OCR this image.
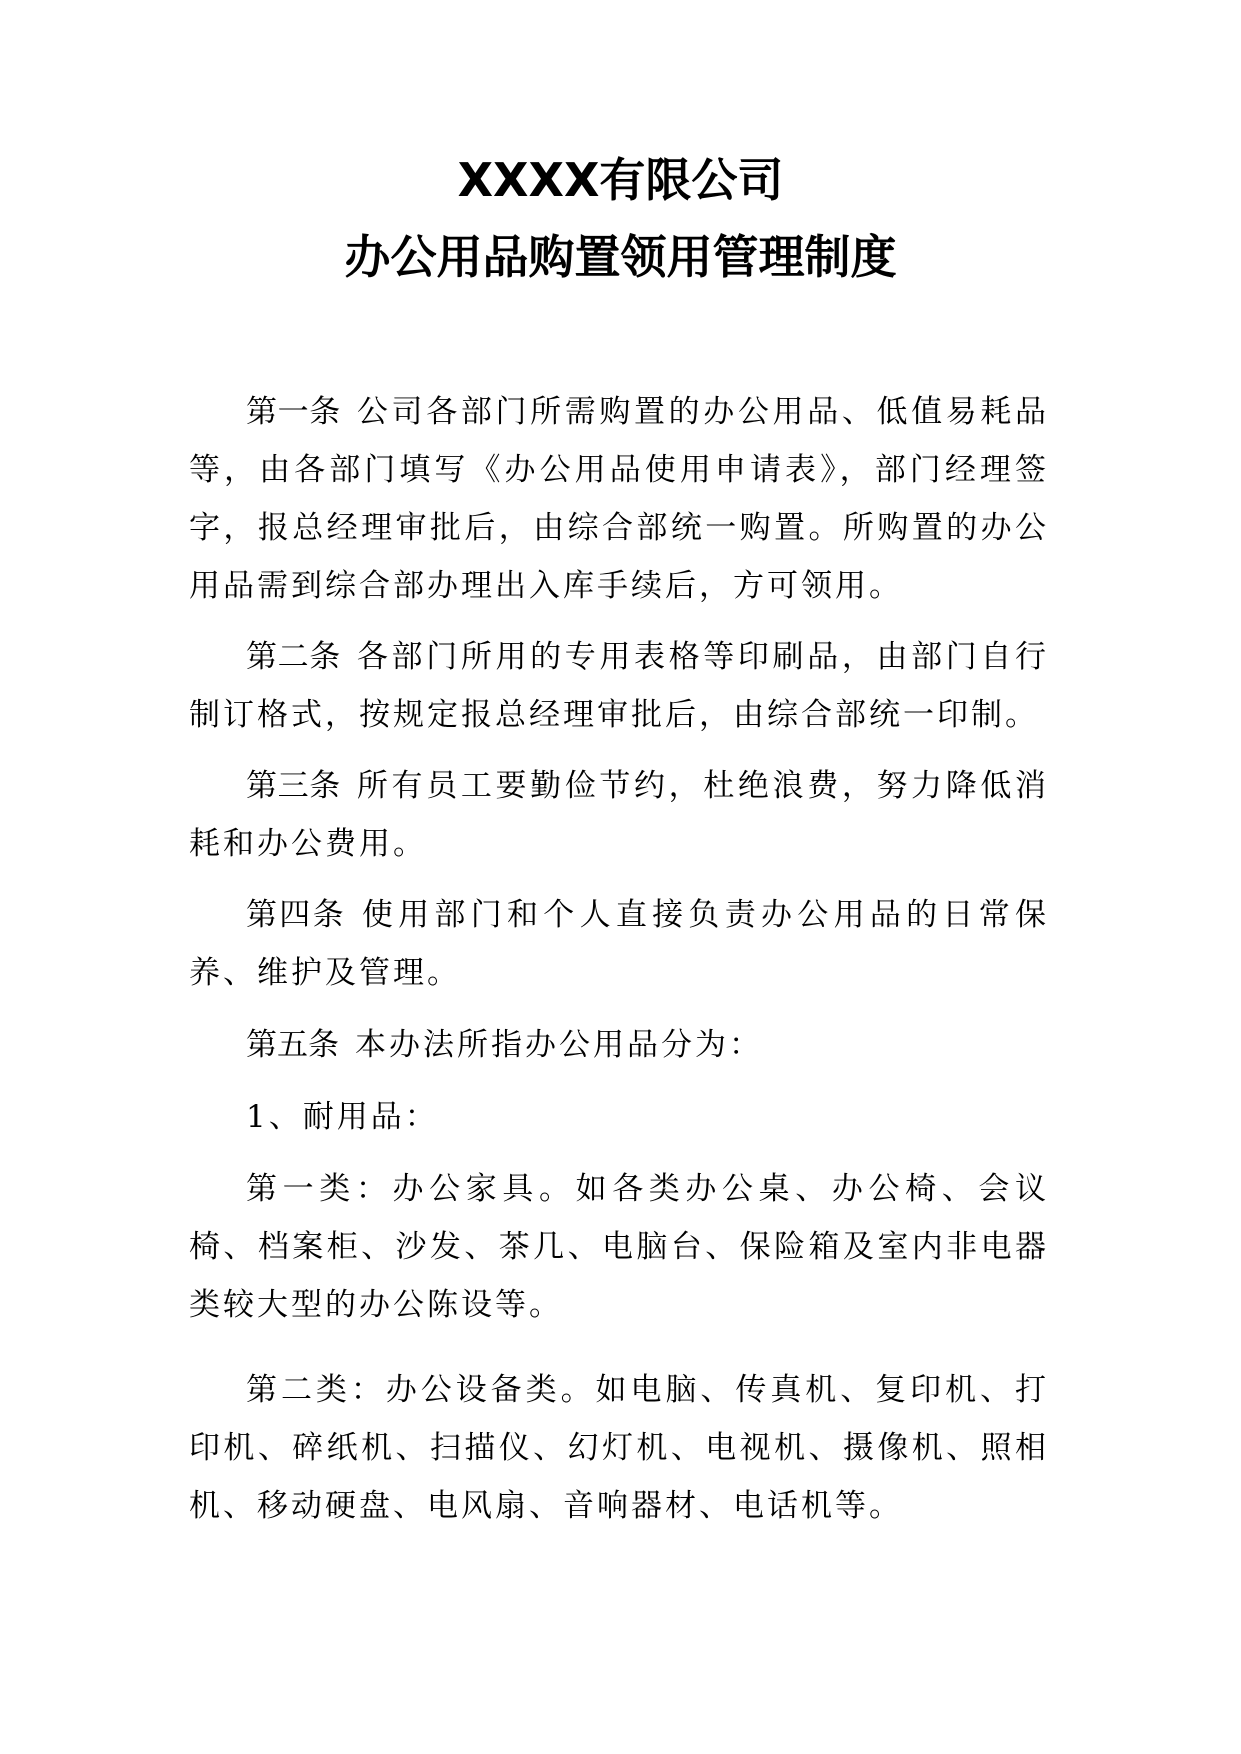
XXXX有限公司
办公用品购置领用管理制度

第一条 公司各部门所需购置的办公用品、低值易耗品等，由各部门填写《办公用品使用申请表》，部门经理签字，报总经理审批后，由综合部统一购置。所购置的办公用品需到综合部办理出入库手续后，方可领用。

第二条 各部门所用的专用表格等印刷品，由部门自行制订格式，按规定报总经理审批后，由综合部统一印制。

第三条 所有员工要勤俭节约，杜绝浪费，努力降低消耗和办公费用。

第四条 使用部门和个人直接负责办公用品的日常保养、维护及管理。

第五条 本办法所指办公用品分为：

1、耐用品：

第一类：办公家具。如各类办公桌、办公椅、会议椅、档案柜、沙发、茶几、电脑台、保险箱及室内非电器类较大型的办公陈设等。

第二类：办公设备类。如电脑、传真机、复印机、打印机、碎纸机、扫描仪、幻灯机、电视机、摄像机、照相机、移动硬盘、电风扇、音响器材、电话机等。
